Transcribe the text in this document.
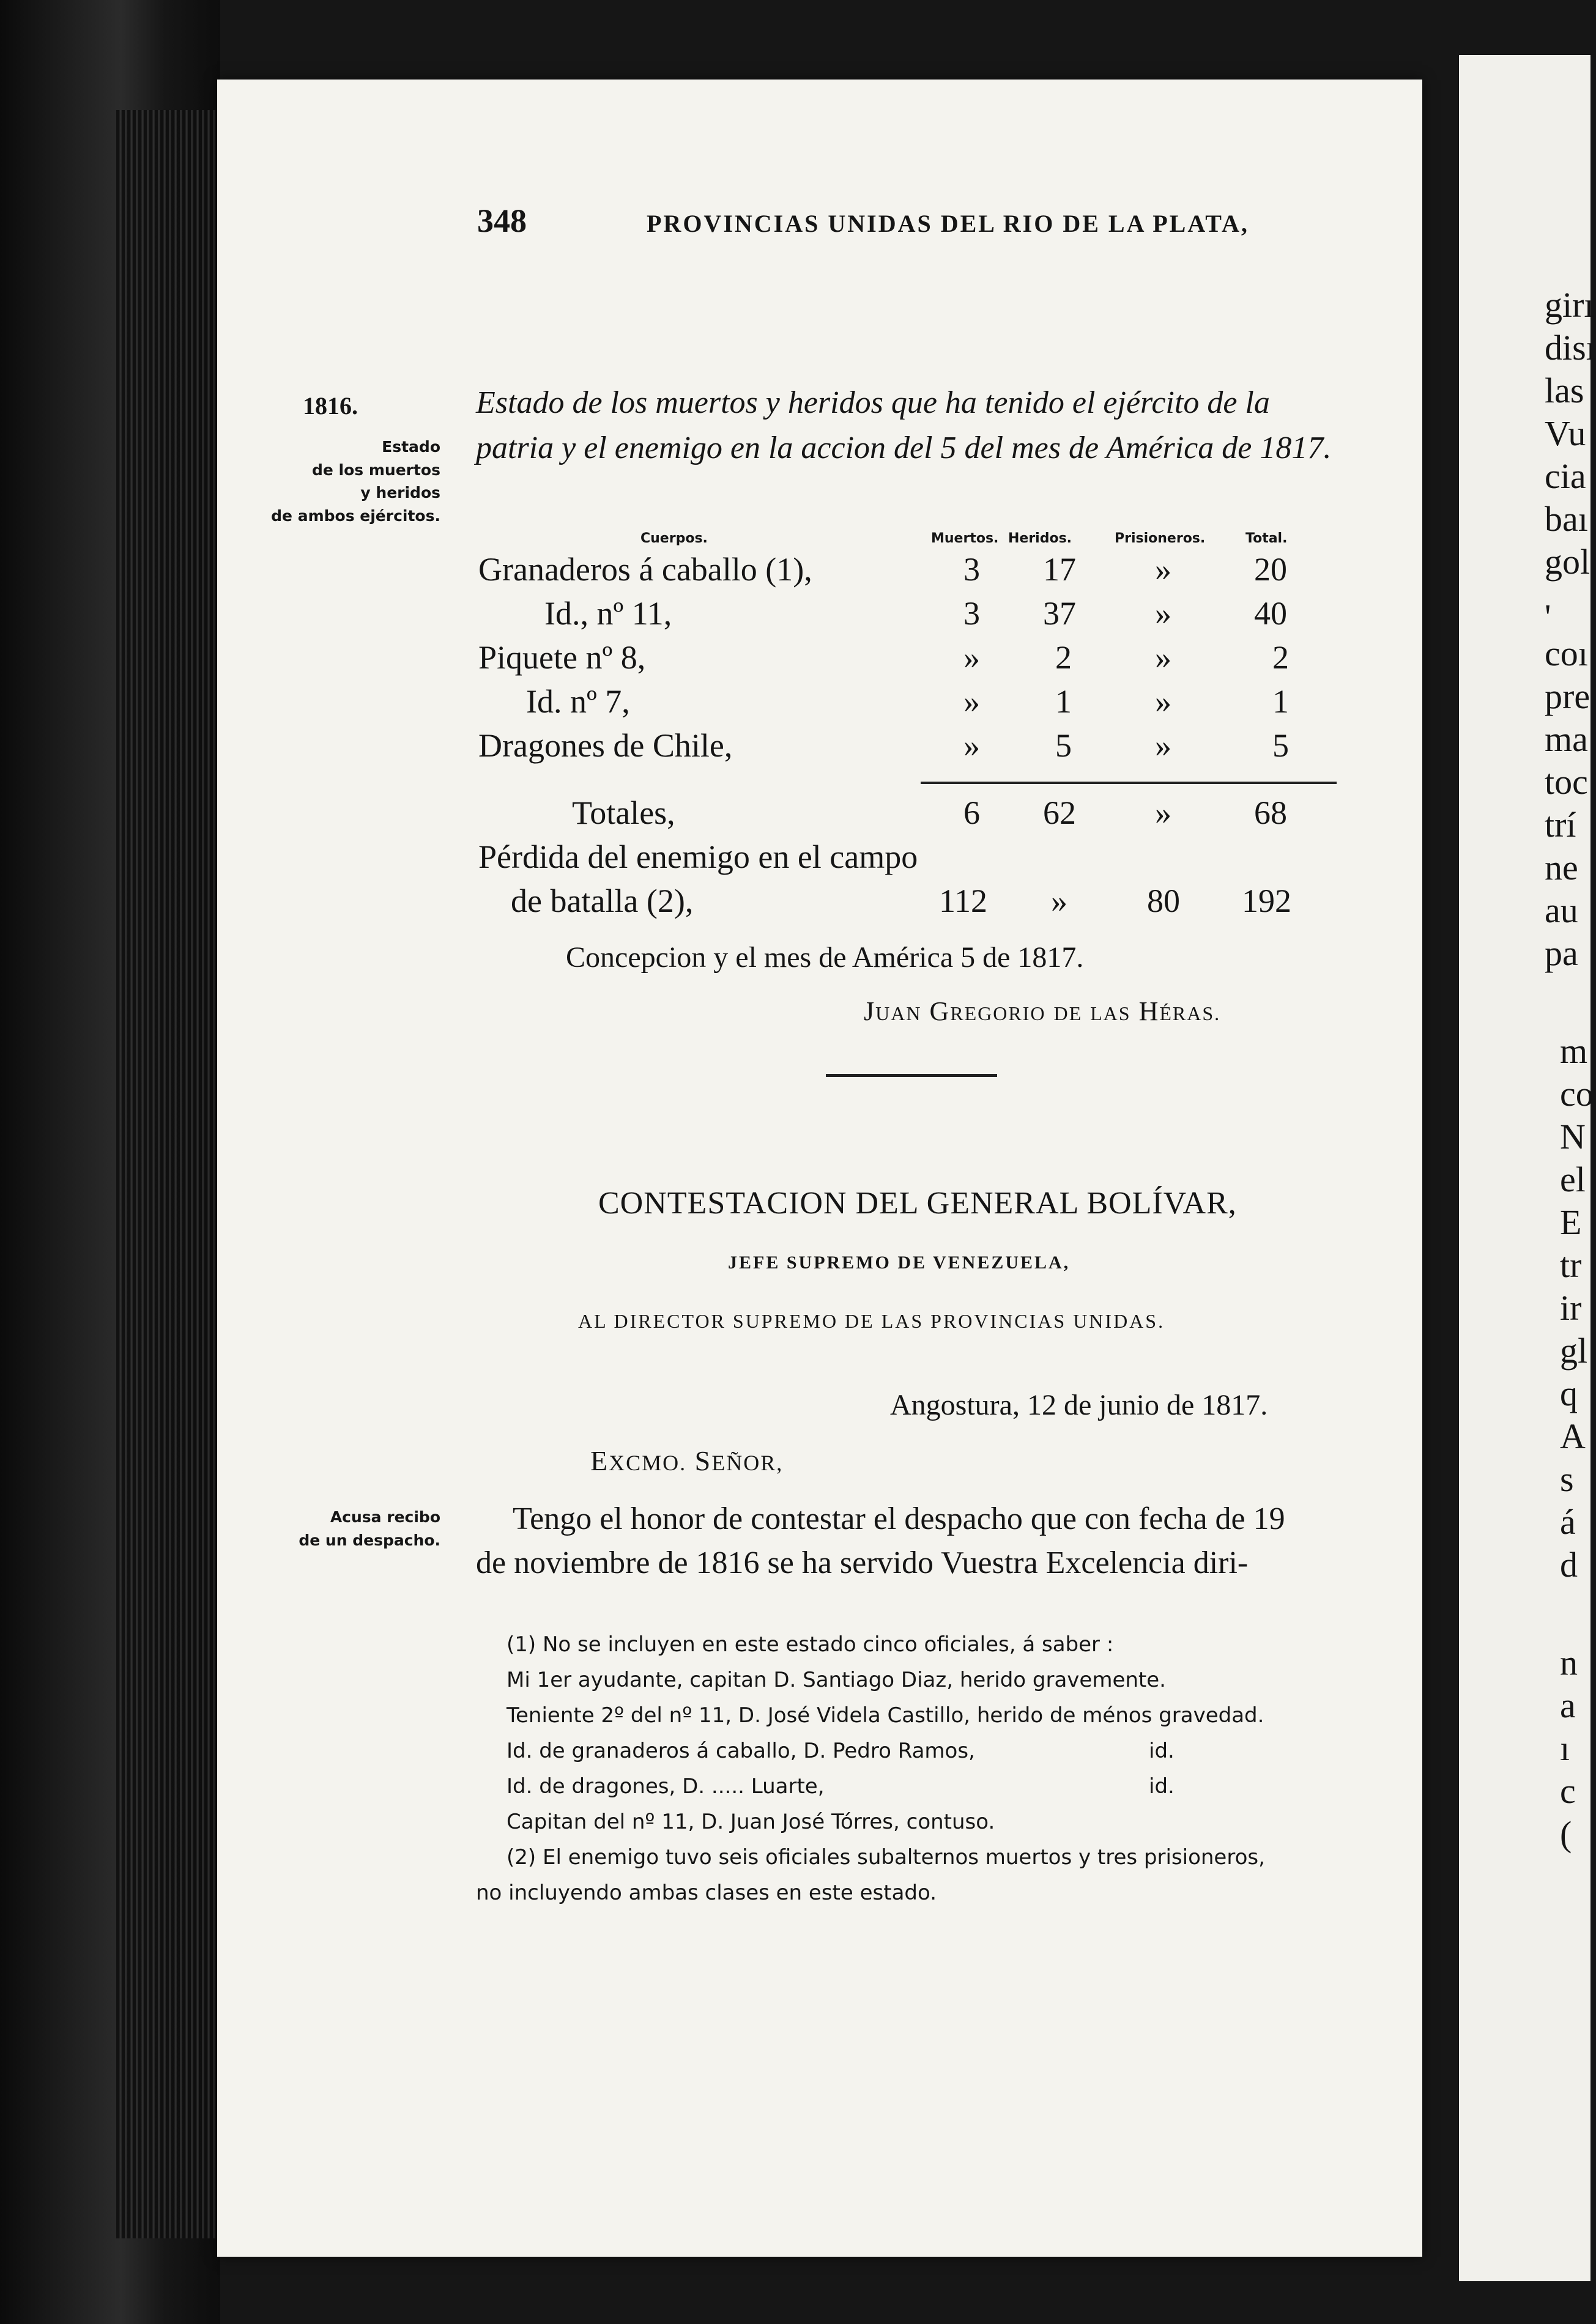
girı
disı
las
Vu
cia
baı
gol
'
coı
pre
ma
toc
trí
ne
au
pa
m
co
N
el
E
tr
ir
gl
q
A
s
á
d
n
a
ı
c
(
348	PROVINCIAS UNIDAS DEL RIO DE LA PLATA,
1816.
Estado
de los muertos
y heridos
de ambos ejércitos.
Acusa recibo
de un despacho.
Estado de los muertos y heridos que ha tenido el ejército de la patria y el enemigo en la accion del 5 del mes de América de 1817.
Cuerpos.	Muertos. Heridos.	Prisioneros.	Total.
Granaderos á caballo (1),	3 17 »	20
Id., nº 11,	3 37 »	40
Piquete nº 8,	» 2	»	2
Id. nº 7,	» 1	»	1
Dragones de Chile,	» 5	»	5
Totales,	6 62 »	68
Pérdida del enemigo en el campo
de batalla (2),	112 » 80 192
Concepcion y el mes de América 5 de 1817.
JUAN GREGORIO DE LAS HÉRAS.
CONTESTACION DEL GENERAL BOLÍVAR,
JEFE SUPREMO DE VENEZUELA,
AL DIRECTOR SUPREMO DE LAS PROVINCIAS UNIDAS.
Angostura, 12 de junio de 1817.
EXCMO. SEÑOR,
Tengo el honor de contestar el despacho que con fecha de 19
de noviembre de 1816 se ha servido Vuestra Excelencia diri-
(1) No se incluyen en este estado cinco oficiales, á saber :
Mi 1er ayudante, capitan D. Santiago Diaz, herido gravemente.
Teniente 2º del nº 11, D. José Videla Castillo, herido de ménos gravedad.
Id. de granaderos á caballo, D. Pedro Ramos,	id.
Id. de dragones, D. ..... Luarte,	id.
Capitan del nº 11, D. Juan José Tórres, contuso.
(2) El enemigo tuvo seis oficiales subalternos muertos y tres prisioneros,
no incluyendo ambas clases en este estado.
